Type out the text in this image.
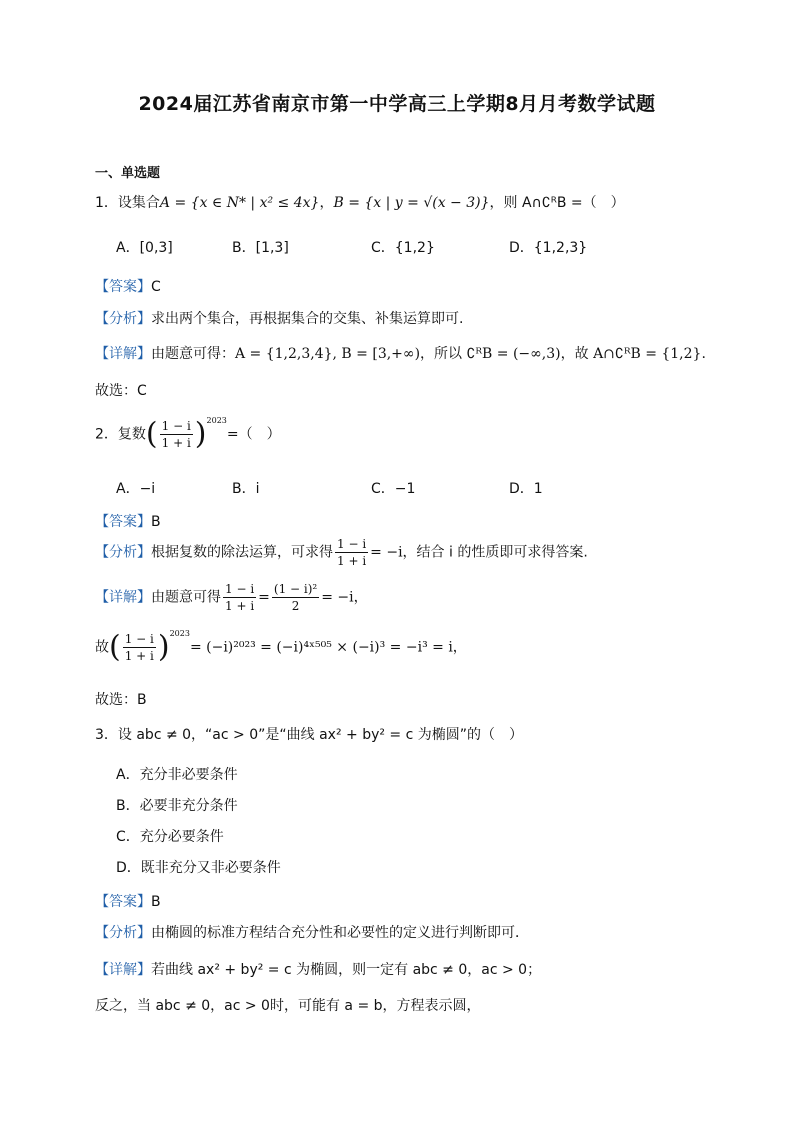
2024届江苏省南京市第一中学高三上学期8月月考数学试题
一、单选题
1．设集合A = {x ∈ N* | x² ≤ 4x}，B = {x | y = √(x − 3)}，则 A∩∁ᴿB =（　）
A．[0,3]	B．[1,3]	C．{1,2}	D．{1,2,3}
【答案】C
【分析】求出两个集合，再根据集合的交集、补集运算即可.
【详解】由题意可得：A = {1,2,3,4}, B = [3,+∞)，所以 ∁ᴿB = (−∞,3)，故 A∩∁ᴿB = {1,2}.
故选：C
2．复数( $\frac{1 - i}{1 + i} )^{2023}=$（　）
A．−i	B．i	C．−1	D．1
【答案】B
【分析】根据复数的除法运算，可求得 $\frac{1 - i}{1 + i} = -i$，结合 i 的性质即可求得答案.
【详解】由题意可得 $\frac{1 - i}{1 + i} = \frac{\text{(1 − i)²}}{2} = -i$，
故( $\frac{1 - i}{1 + i} )^{2023}= (-i)^{2023}$ = (−i)⁴ˣ⁵⁰⁵ × (−i)³ = −i³ = i，
故选：B
3．设 abc ≠ 0，“ac > 0”是“曲线 ax² + by² = c 为椭圆”的（　）
A．充分非必要条件
B．必要非充分条件
C．充分必要条件
D．既非充分又非必要条件
【答案】B
【分析】由椭圆的标准方程结合充分性和必要性的定义进行判断即可．
【详解】若曲线 ax² + by² = c 为椭圆，则一定有 abc ≠ 0，ac > 0；
反之，当 abc ≠ 0，ac > 0时，可能有 a = b，方程表示圆，
